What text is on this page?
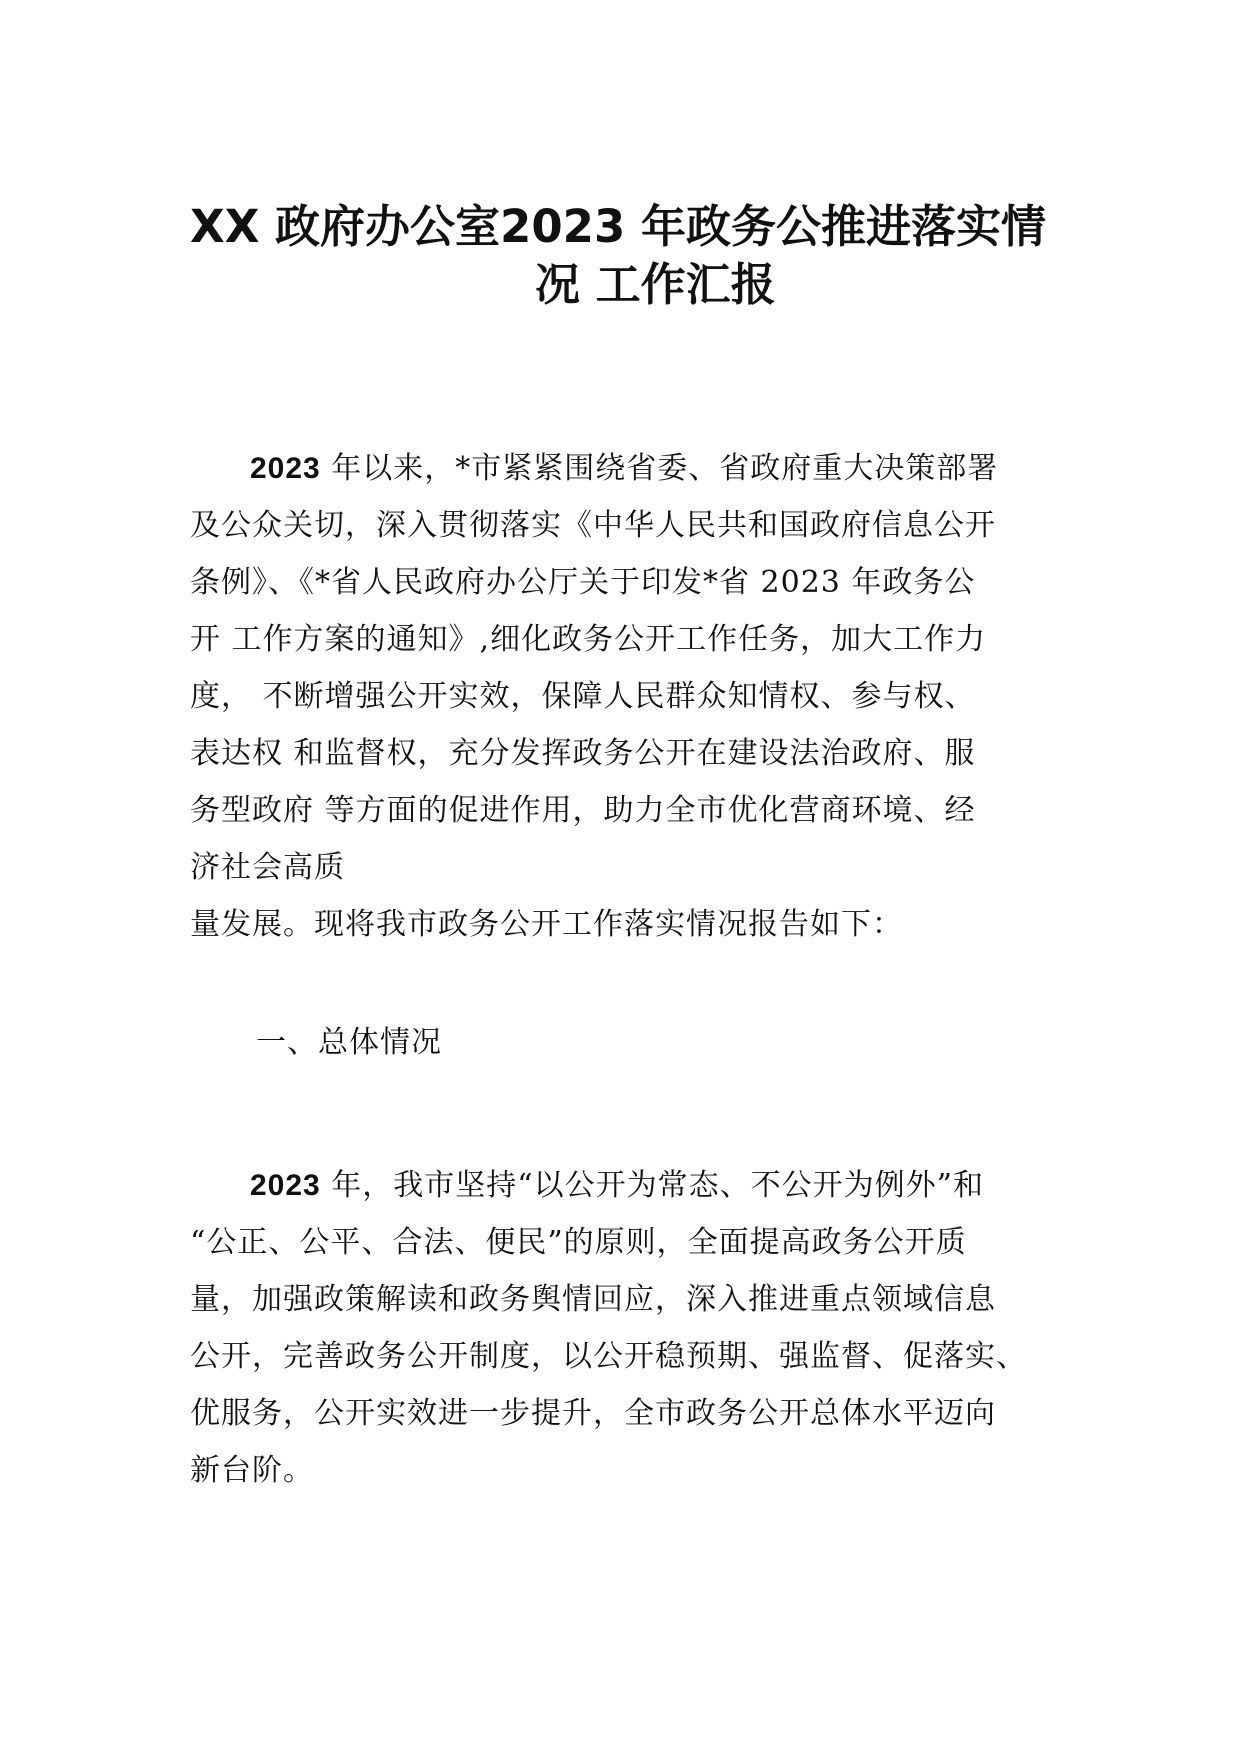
XX 政府办公室2023 年政务公推进落实情
况 工作汇报

2023 年以来，*市紧紧围绕省委、省政府重大决策部署
及公众关切，深入贯彻落实《中华人民共和国政府信息公开
条例》、《*省人民政府办公厅关于印发*省 2023 年政务公
开 工作方案的通知》,细化政务公开工作任务，加大工作力
度， 不断增强公开实效，保障人民群众知情权、参与权、
表达权 和监督权，充分发挥政务公开在建设法治政府、服
务型政府 等方面的促进作用，助力全市优化营商环境、经
济社会高质
量发展。现将我市政务公开工作落实情况报告如下：

一、总体情况

2023 年，我市坚持“以公开为常态、不公开为例外”和
“公正、公平、合法、便民”的原则，全面提高政务公开质
量，加强政策解读和政务舆情回应，深入推进重点领域信息
公开，完善政务公开制度，以公开稳预期、强监督、促落实、
优服务，公开实效进一步提升，全市政务公开总体水平迈向
新台阶。
